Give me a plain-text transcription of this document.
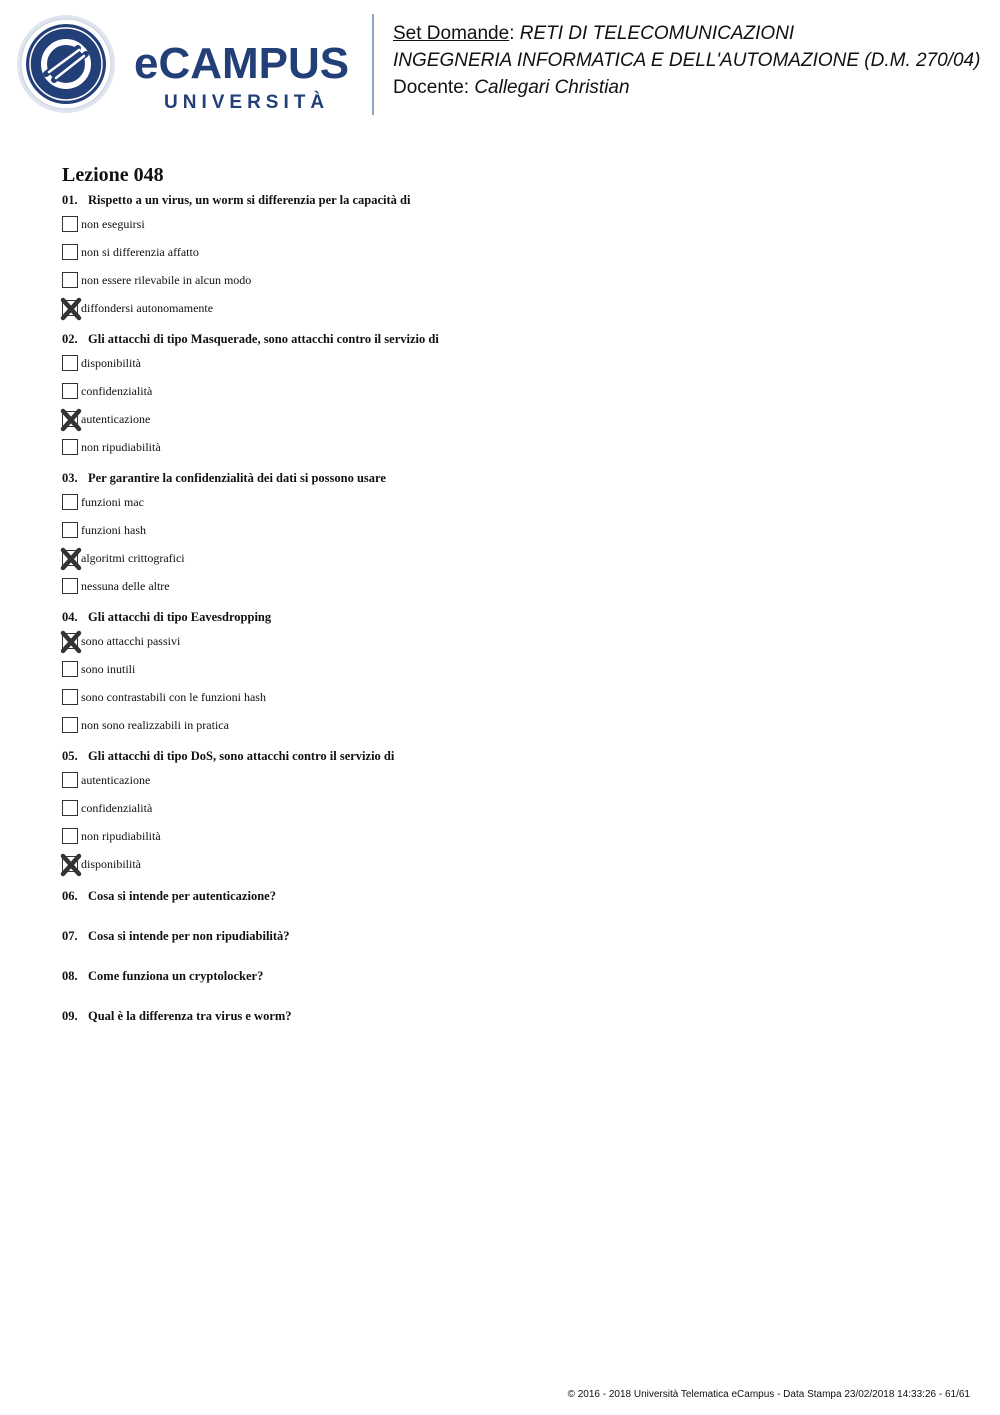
eCAMPUS
UNIVERSITÀ
Set Domande: RETI DI TELECOMUNICAZIONI
INGEGNERIA INFORMATICA E DELL'AUTOMAZIONE (D.M. 270/04)
Docente: Callegari Christian
Lezione 048
01. Rispetto a un virus, un worm si differenzia per la capacità di
non eseguirsi
non si differenzia affatto
non essere rilevabile in alcun modo
diffondersi autonomamente
02. Gli attacchi di tipo Masquerade, sono attacchi contro il servizio di
disponibilità
confidenzialità
autenticazione
non ripudiabilità
03. Per garantire la confidenzialità dei dati si possono usare
funzioni mac
funzioni hash
algoritmi crittografici
nessuna delle altre
04. Gli attacchi di tipo Eavesdropping
sono attacchi passivi
sono inutili
sono contrastabili con le funzioni hash
non sono realizzabili in pratica
05. Gli attacchi di tipo DoS, sono attacchi contro il servizio di
autenticazione
confidenzialità
non ripudiabilità
disponibilità
06. Cosa si intende per autenticazione?
07. Cosa si intende per non ripudiabilità?
08. Come funziona un cryptolocker?
09. Qual è la differenza tra virus e worm?
© 2016 - 2018 Università Telematica eCampus - Data Stampa 23/02/2018 14:33:26 - 61/61
